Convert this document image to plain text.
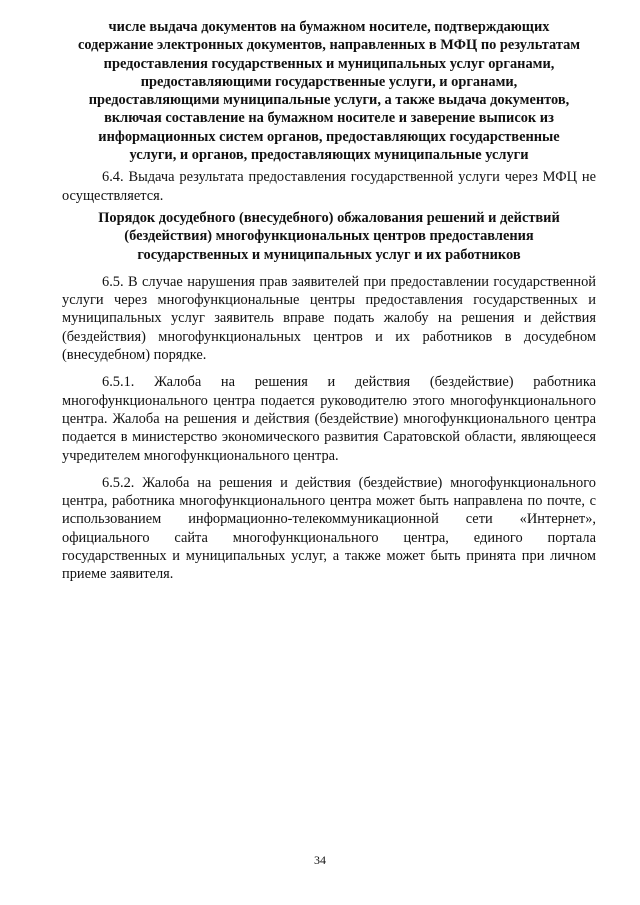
числе выдача документов на бумажном носителе, подтверждающих
содержание электронных документов, направленных в МФЦ по результатам
предоставления государственных и муниципальных услуг органами,
предоставляющими государственные услуги, и органами,
предоставляющими муниципальные услуги, а также выдача документов,
включая составление на бумажном носителе и заверение выписок из
информационных систем органов, предоставляющих государственные
услуги, и органов, предоставляющих муниципальные услуги

6.4. Выдача результата предоставления государственной услуги через МФЦ не осуществляется.

Порядок досудебного (внесудебного) обжалования решений и действий
(бездействия) многофункциональных центров предоставления
государственных и муниципальных услуг и их работников

6.5. В случае нарушения прав заявителей при предоставлении государственной услуги через многофункциональные центры предоставления государственных и муниципальных услуг заявитель вправе подать жалобу на решения и действия (бездействия) многофункциональных центров и их работников в досудебном (внесудебном) порядке.

6.5.1. Жалоба на решения и действия (бездействие) работника многофункционального центра подается руководителю этого многофункционального центра. Жалоба на решения и действия (бездействие) многофункционального центра подается в министерство экономического развития Саратовской области, являющееся учредителем многофункционального центра.

6.5.2. Жалоба на решения и действия (бездействие) многофункционального центра, работника многофункционального центра может быть направлена по почте, с использованием информационно-телекоммуникационной сети «Интернет», официального сайта многофункционального центра, единого портала государственных и муниципальных услуг, а также может быть принята при личном приеме заявителя.

34
